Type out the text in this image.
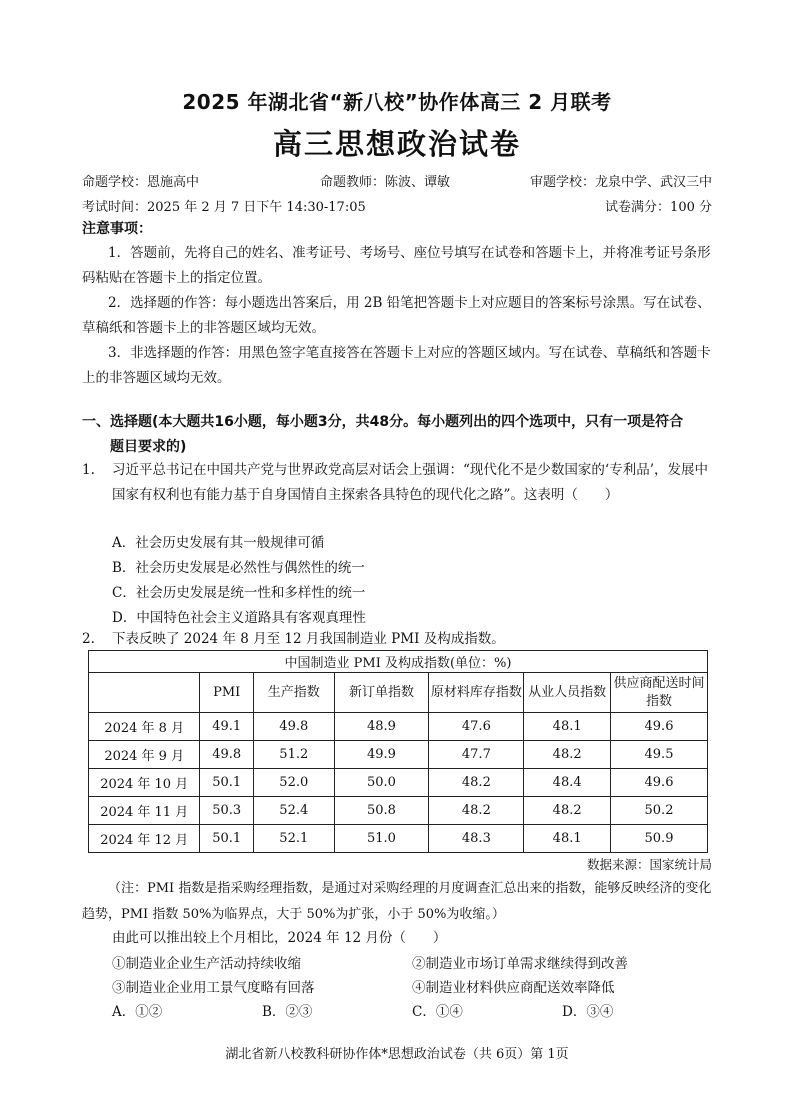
2025 年湖北省“新八校”协作体高三 2 月联考
高三思想政治试卷
命题学校：恩施高中	命题教师：陈波、谭敏	审题学校：龙泉中学、武汉三中
考试时间：2025 年 2 月 7 日下午 14:30-17:05	试卷满分：100 分
注意事项：
1．答题前，先将自己的姓名、准考证号、考场号、座位号填写在试卷和答题卡上，并将准考证号条形码粘贴在答题卡上的指定位置。
2．选择题的作答：每小题选出答案后，用 2B 铅笔把答题卡上对应题目的答案标号涂黑。写在试卷、草稿纸和答题卡上的非答题区域均无效。
3．非选择题的作答：用黑色签字笔直接答在答题卡上对应的答题区域内。写在试卷、草稿纸和答题卡上的非答题区域均无效。
一、选择题(本大题共16小题，每小题3分，共48分。每小题列出的四个选项中，只有一项是符合
题目要求的)
1. 习近平总书记在中国共产党与世界政党高层对话会上强调：“现代化不是少数国家的‘专利品’，发展中国家有权利也有能力基于自身国情自主探索各具特色的现代化之路”。这表明（　　）
A．社会历史发展有其一般规律可循
B．社会历史发展是必然性与偶然性的统一
C．社会历史发展是统一性和多样性的统一
D．中国特色社会主义道路具有客观真理性
2. 下表反映了 2024 年 8 月至 12 月我国制造业 PMI 及构成指数。
中国制造业 PMI 及构成指数(单位：%)						
	PMI	生产指数	新订单指数	原材料库存指数	从业人员指数	供应商配送时间指数
2024 年 8 月	49.1	49.8	48.9	47.6	48.1	49.6
2024 年 9 月	49.8	51.2	49.9	47.7	48.2	49.5
2024 年 10 月	50.1	52.0	50.0	48.2	48.4	49.6
2024 年 11 月	50.3	52.4	50.8	48.2	48.2	50.2
2024 年 12 月	50.1	52.1	51.0	48.3	48.1	50.9
数据来源：国家统计局
（注：PMI 指数是指采购经理指数，是通过对采购经理的月度调查汇总出来的指数，能够反映经济的变化趋势，PMI 指数 50%为临界点，大于 50%为扩张，小于 50%为收缩。）
由此可以推出较上个月相比，2024 年 12 月份（　　）
①制造业企业生产活动持续收缩	②制造业市场订单需求继续得到改善
③制造业企业用工景气度略有回落	④制造业材料供应商配送效率降低
A．①②	B．②③	C．①④	D．③④
湖北省新八校教科研协作体*思想政治试卷（共 6页）第 1页
